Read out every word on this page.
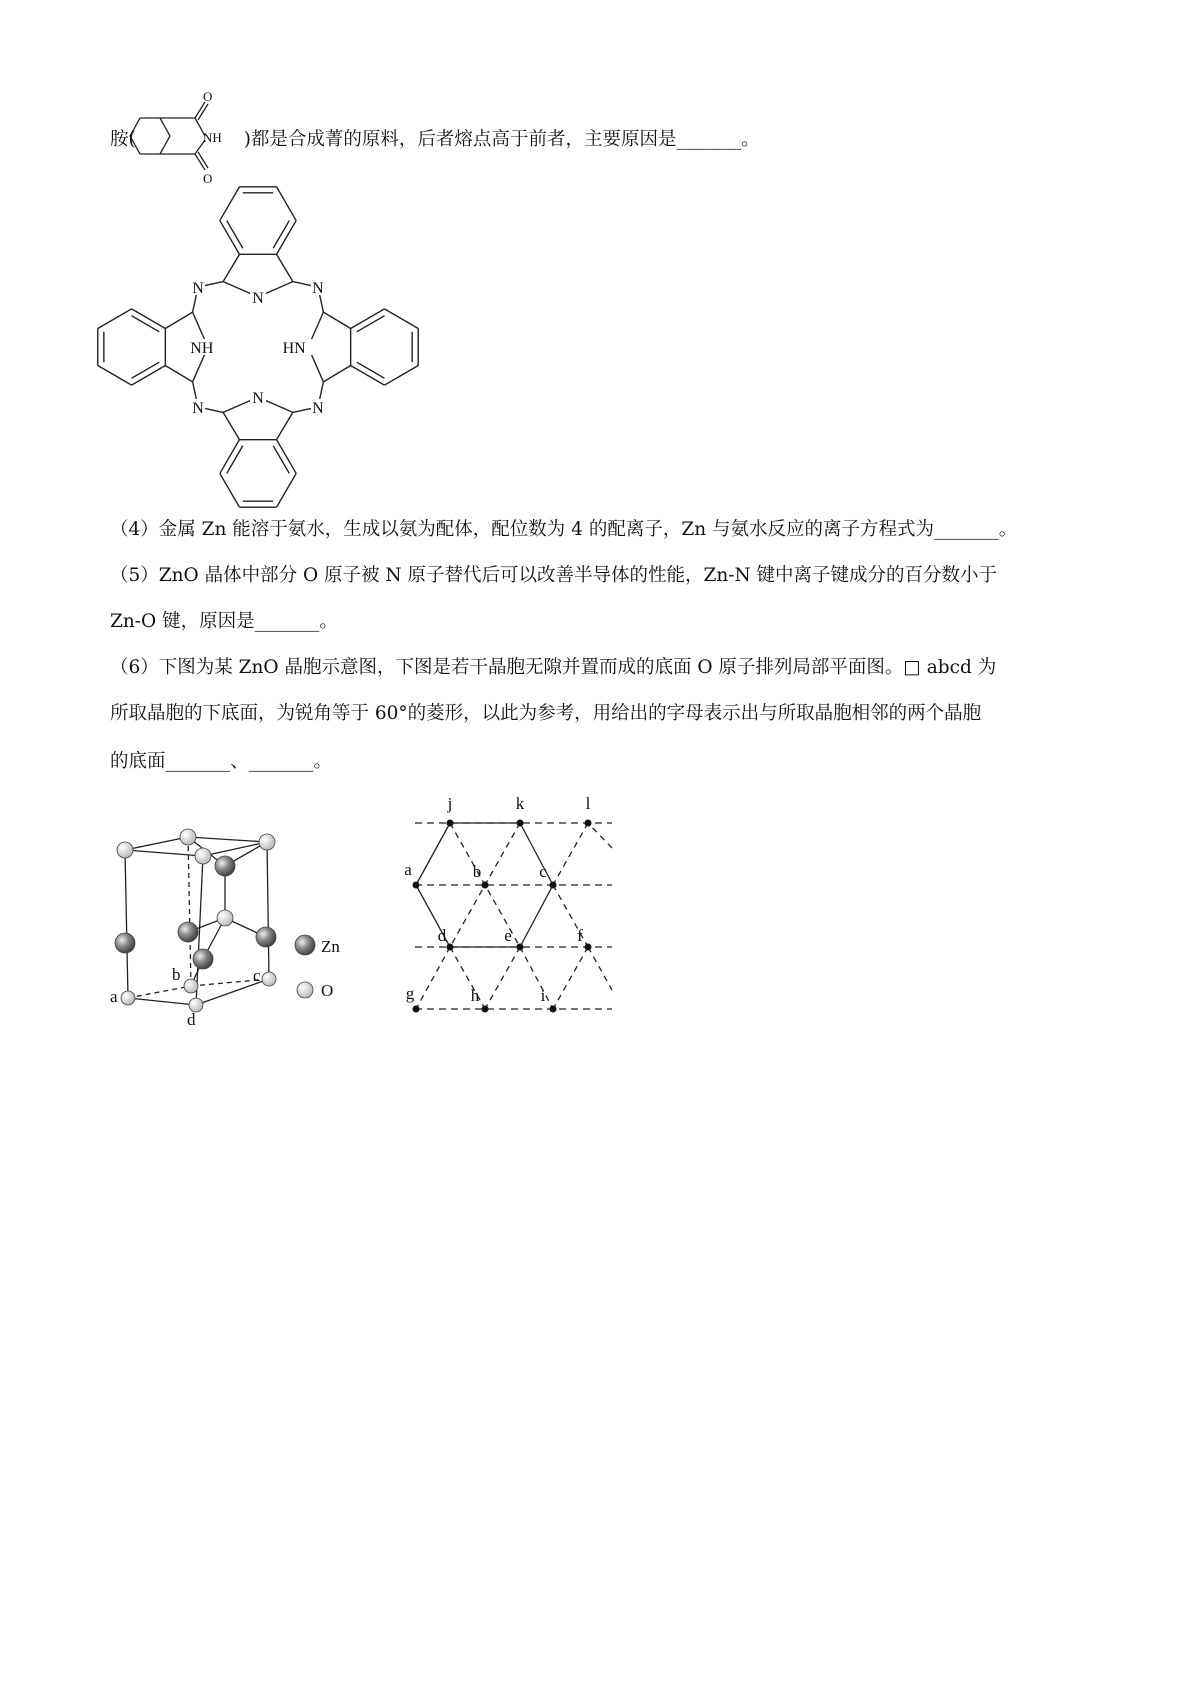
胺(	)都是合成菁的原料，后者熔点高于前者，主要原因是_______。
（4）金属 Zn 能溶于氨水，生成以氨为配体，配位数为 4 的配离子，Zn 与氨水反应的离子方程式为_______。
（5）ZnO 晶体中部分 O 原子被 N 原子替代后可以改善半导体的性能，Zn-N 键中离子键成分的百分数小于
Zn-O 键，原因是_______。
（6）下图为某 ZnO 晶胞示意图，下图是若干晶胞无隙并置而成的底面 O 原子排列局部平面图。□ abcd 为
所取晶胞的下底面，为锐角等于 60°的菱形，以此为参考，用给出的字母表示出与所取晶胞相邻的两个晶胞
的底面_______、_______。
O
O
NH
N
N
HN
N
N
N
NH
N
a
b	c
d
Zn
O
j	k	l
a	b	c
d	e	f
g	h	i
